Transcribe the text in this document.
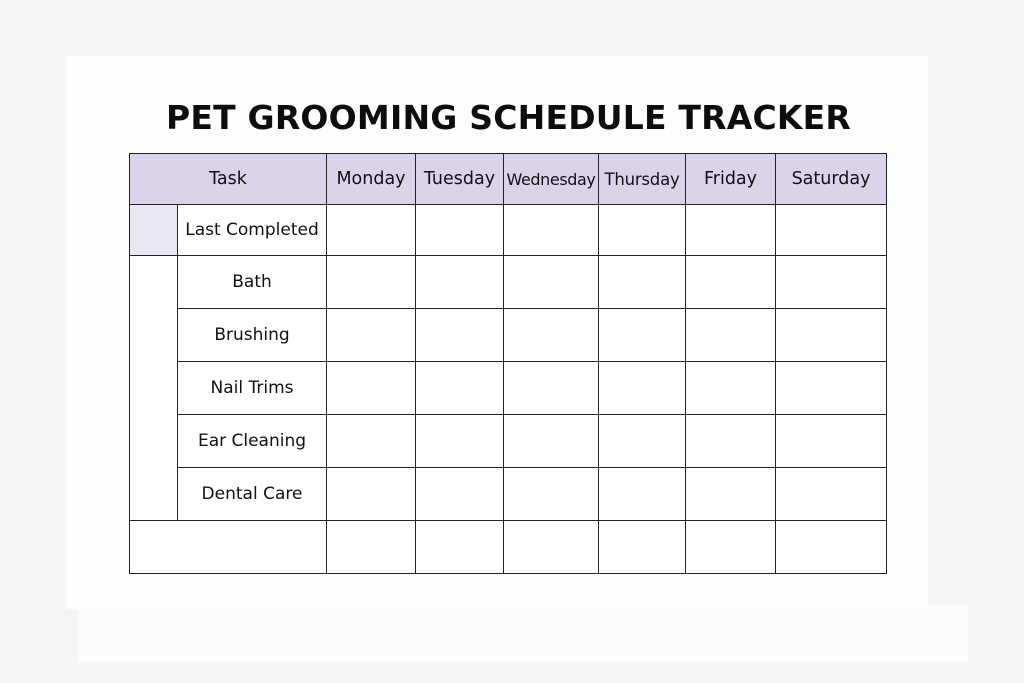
PET GROOMING SCHEDULE TRACKER
Task		Monday	Tuesday	Wednesday	Thursday	Friday	Saturday
	Last Completed						
	Bath						
	Brushing						
	Nail Trims						
	Ear Cleaning						
	Dental Care						
